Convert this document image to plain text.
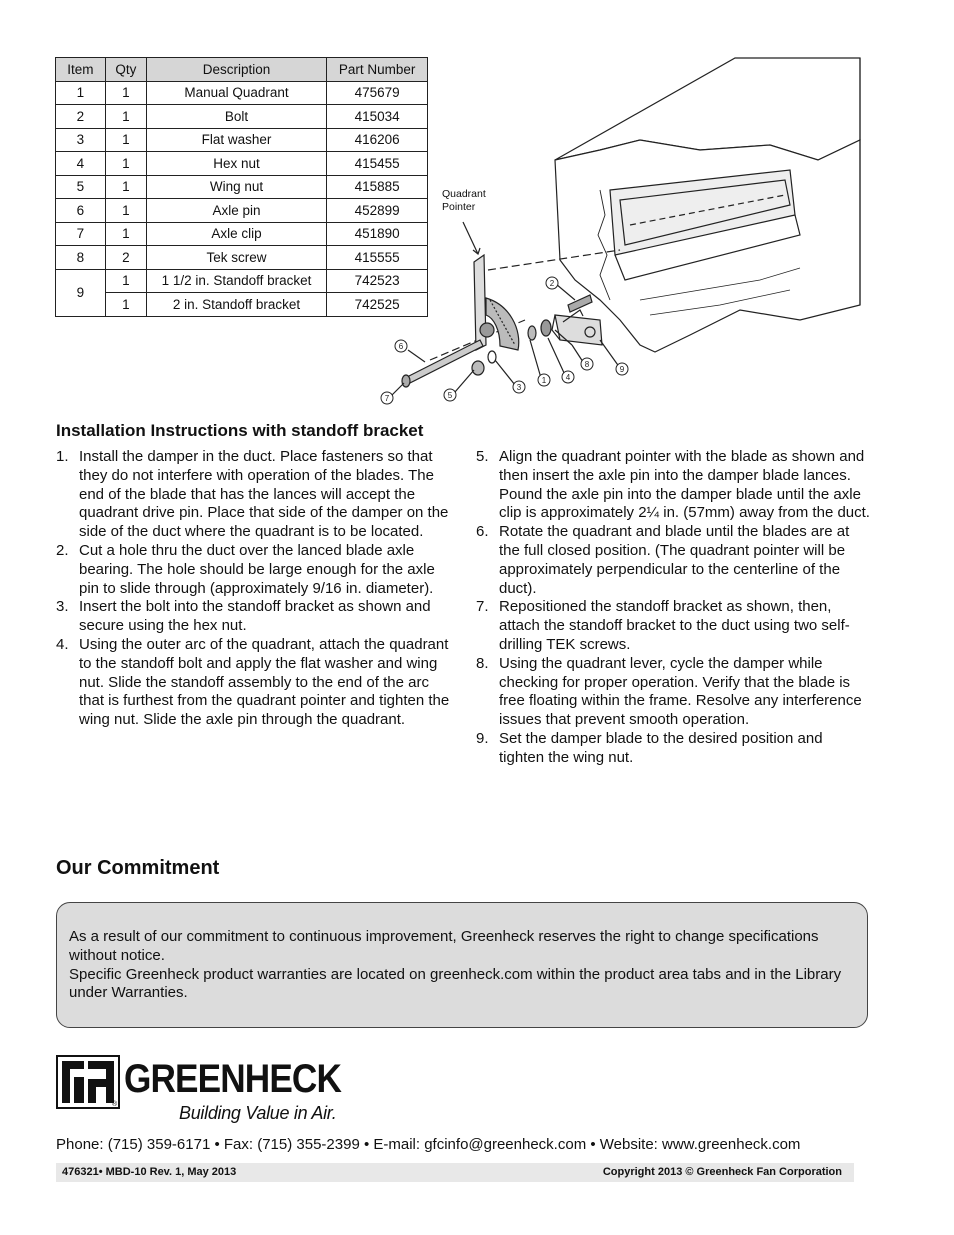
Item	Qty	Description	Part Number
1	1	Manual Quadrant	475679
2	1	Bolt	415034
3	1	Flat washer	416206
4	1	Hex nut	415455
5	1	Wing nut	415885
6	1	Axle pin	452899
7	1	Axle clip	451890
8	2	Tek screw	415555
9	1	1 1/2 in. Standoff bracket	742523
	1	2 in. Standoff bracket	742525
6
7	5
3
1 4
8
9
2
Quadrant
Pointer
Installation Instructions with standoff bracket
1. Install the damper in the duct. Place fasteners so that they do not interfere with operation of the blades. The end of the blade that has the lances will accept the quadrant drive pin. Place that side of the damper on the side of the duct where the quadrant is to be located.
2. Cut a hole thru the duct over the lanced blade axle bearing. The hole should be large enough for the axle pin to slide through (approximately 9/16 in. diameter).
3. Insert the bolt into the standoff bracket as shown and secure using the hex nut.
4. Using the outer arc of the quadrant, attach the quadrant to the standoff bolt and apply the flat washer and wing nut. Slide the standoff assembly to the end of the arc that is furthest from the quadrant pointer and tighten the wing nut. Slide the axle pin through the quadrant.
5. Align the quadrant pointer with the blade as shown and then insert the axle pin into the damper blade lances. Pound the axle pin into the damper blade until the axle clip is approximately 2¼ in. (57mm) away from the duct.
6. Rotate the quadrant and blade until the blades are at the full closed position. (The quadrant pointer will be approximately perpendicular to the centerline of the duct).
7. Repositioned the standoff bracket as shown, then, attach the standoff bracket to the duct using two self- drilling TEK screws.
8. Using the quadrant lever, cycle the damper while checking for proper operation. Verify that the blade is free floating within the frame. Resolve any interference issues that prevent smooth operation.
9. Set the damper blade to the desired position and tighten the wing nut.
Our Commitment

As a result of our commitment to continuous improvement, Greenheck reserves the right to change specifications without notice.

Specific Greenheck product warranties are located on greenheck.com within the product area tabs and in the Library under Warranties.

®
GREENHECK
Building Value in Air.
Phone: (715) 359-6171 • Fax: (715) 355-2399 • E-mail: gfcinfo@greenheck.com • Website: www.greenheck.com
476321• MBD-10 Rev. 1, May 2013	Copyright 2013 © Greenheck Fan Corporation
